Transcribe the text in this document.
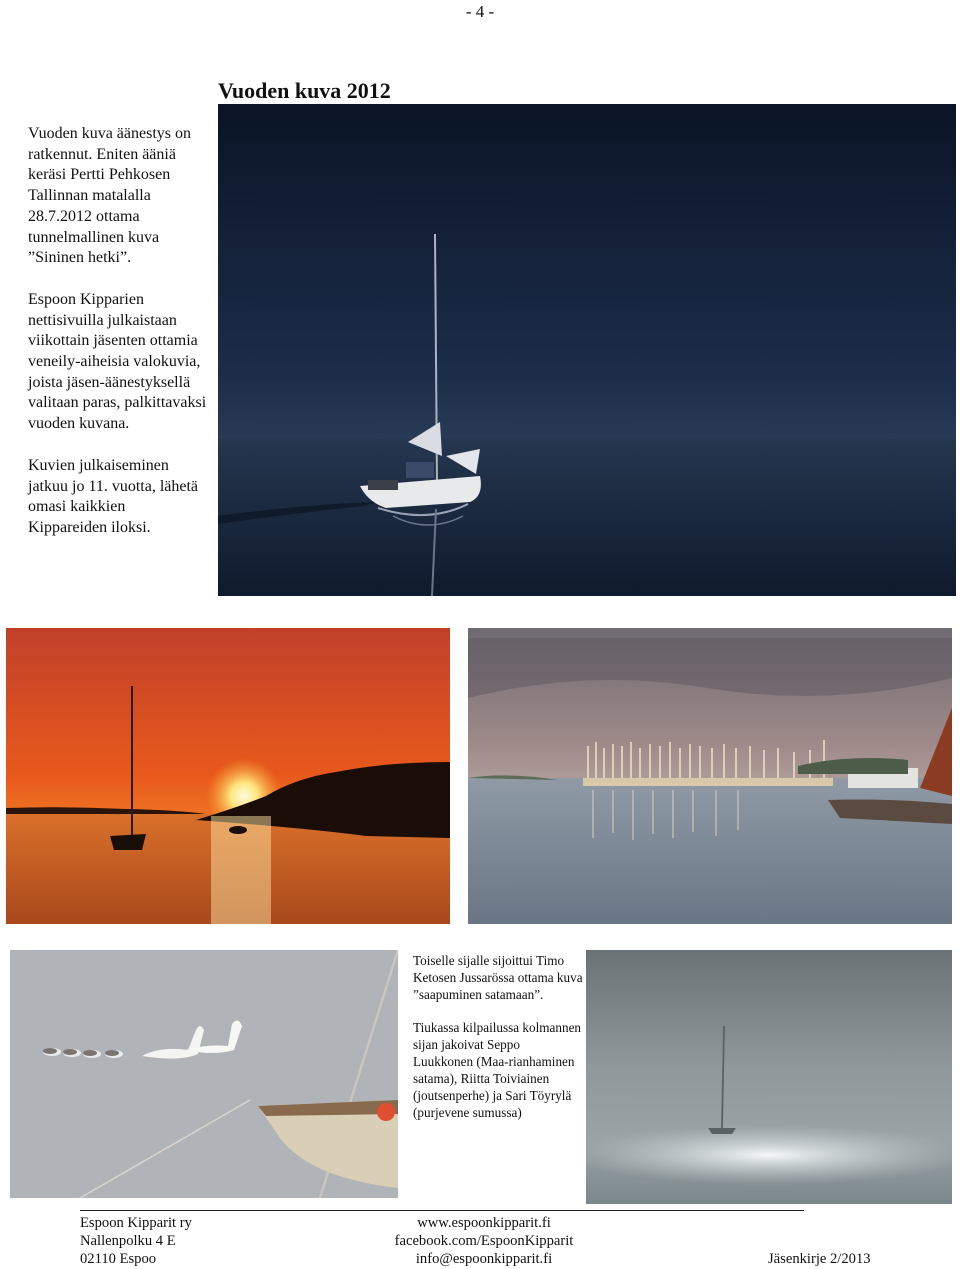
- 4 -
Vuoden kuva 2012

Vuoden kuva äänestys on ratkennut. Eniten ääniä keräsi Pertti Pehkosen Tallinnan matalalla 28.7.2012 ottama tunnelmallinen kuva ”Sininen hetki”.

Espoon Kipparien nettisivuilla julkaistaan viikottain jäsenten ottamia veneily-aiheisia valokuvia, joista jäsen-äänestyksellä valitaan paras, palkittavaksi vuoden kuvana.

Kuvien julkaiseminen jatkuu jo 11. vuotta, lähetä omasi kaikkien Kippareiden iloksi.

Toiselle sijalle sijoittui Timo Ketosen Jussarössa ottama kuva ”saapuminen satamaan”.

Tiukassa kilpailussa kolmannen sijan jakoivat Seppo Luukkonen (Maa-rianhaminen satama), Riitta Toiviainen (joutsenperhe) ja Sari Töyrylä (purjevene sumussa)

Espoon Kipparit ry
Nallenpolku 4 E
02110 Espoo
www.espoonkipparit.fi
facebook.com/EspoonKipparit
info@espoonkipparit.fi	Jäsenkirje 2/2013
